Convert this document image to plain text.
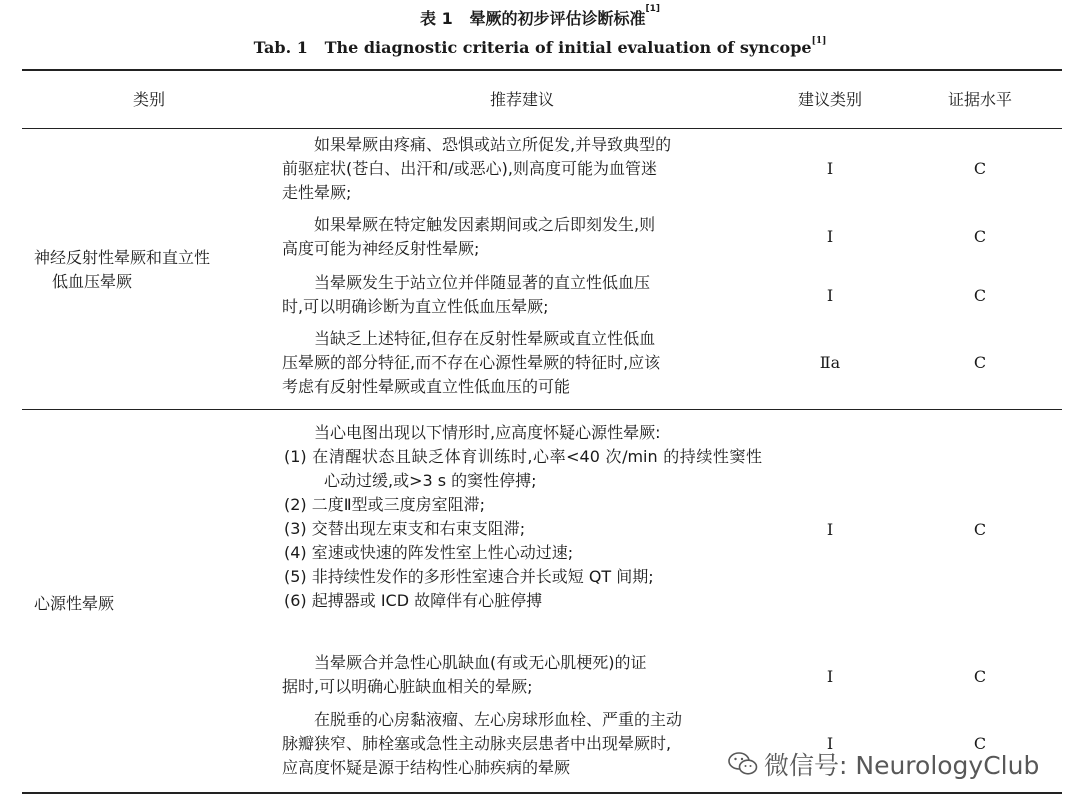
表 1 晕厥的初步评估诊断标准[1]
Tab. 1 The diagnostic criteria of initial evaluation of syncope[1]
类别	推荐建议	建议类别	证据水平
神经反射性晕厥和直立性
低血压晕厥
如果晕厥由疼痛、恐惧或站立所促发,并导致典型的
前驱症状(苍白、出汗和/或恶心),则高度可能为血管迷
走性晕厥;
Ⅰ	C
如果晕厥在特定触发因素期间或之后即刻发生,则
高度可能为神经反射性晕厥;
Ⅰ	C
当晕厥发生于站立位并伴随显著的直立性低血压
时,可以明确诊断为直立性低血压晕厥;
Ⅰ	C
当缺乏上述特征,但存在反射性晕厥或直立性低血
压晕厥的部分特征,而不存在心源性晕厥的特征时,应该
考虑有反射性晕厥或直立性低血压的可能
Ⅱa	C
心源性晕厥
当心电图出现以下情形时,应高度怀疑心源性晕厥:
(1) 在清醒状态且缺乏体育训练时,心率<40 次/min 的持续性窦性心动过缓,或>3 s 的窦性停搏;
(2) 二度Ⅱ型或三度房室阻滞;
(3) 交替出现左束支和右束支阻滞;
(4) 室速或快速的阵发性室上性心动过速;
(5) 非持续性发作的多形性室速合并长或短 QT 间期;
(6) 起搏器或 ICD 故障伴有心脏停搏
Ⅰ	C
当晕厥合并急性心肌缺血(有或无心肌梗死)的证
据时,可以明确心脏缺血相关的晕厥;
Ⅰ	C
在脱垂的心房黏液瘤、左心房球形血栓、严重的主动
脉瓣狭窄、肺栓塞或急性主动脉夹层患者中出现晕厥时,
应高度怀疑是源于结构性心肺疾病的晕厥
Ⅰ	C
微信号: NeurologyClub
